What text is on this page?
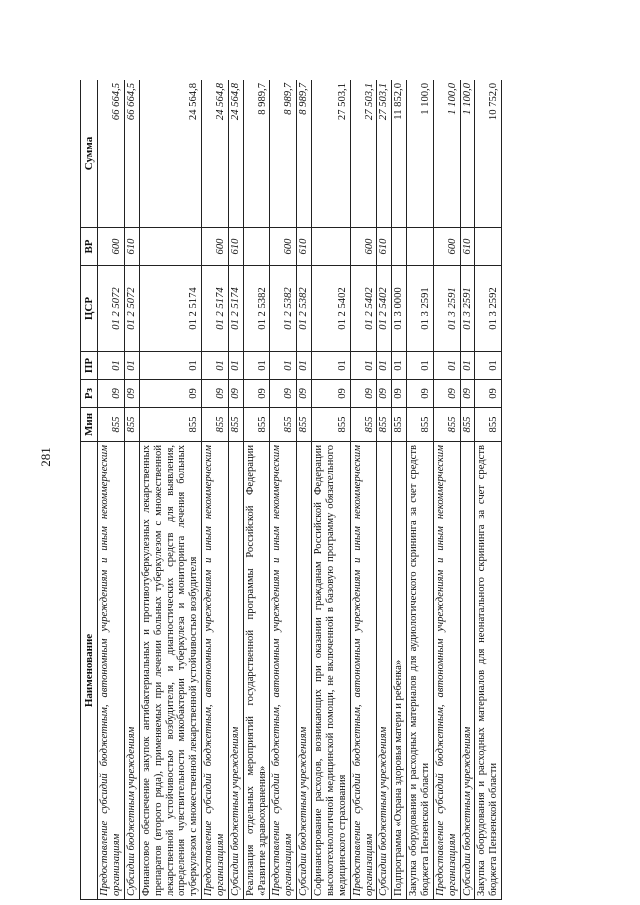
281
Наименование	Мин	Рз	ПР	ЦСР	ВР	Сумма
Предоставление субсидий бюджетным, автономным учреждениям и иным некоммерческим организациям	855	09	01	01 2 5072	600	66 664,5
Субсидии бюджетным учреждениям	855	09	01	01 2 5072	610	66 664,5
Финансовое обеспечение закупок антибактериальных и противотуберкулезных лекарственных препаратов (второго ряда), применяемых при лечении больных туберкулезом с множественной лекарственной устойчивостью возбудителя, и диагностических средств для выявления, определения чувствительности микобактерии туберкулеза и мониторинга лечения больных туберкулезом с множественной лекарственной устойчивостью возбудителя	855	09	01	01 2 5174		24 564,8
Предоставление субсидий бюджетным, автономным учреждениям и иным некоммерческим организациям	855	09	01	01 2 5174	600	24 564,8
Субсидии бюджетным учреждениям	855	09	01	01 2 5174	610	24 564,8
Реализация отдельных мероприятий государственной программы Российской Федерации «Развитие здравоохранения»	855	09	01	01 2 5382		8 989,7
Предоставление субсидий бюджетным, автономным учреждениям и иным некоммерческим организациям	855	09	01	01 2 5382	600	8 989,7
Субсидии бюджетным учреждениям	855	09	01	01 2 5382	610	8 989,7
Софинансирование расходов, возникающих при оказании гражданам Российской Федерации высокотехнологичной медицинской помощи, не включенной в базовую программу обязательного медицинского страхования	855	09	01	01 2 5402		27 503,1
Предоставление субсидий бюджетным, автономным учреждениям и иным некоммерческим организациям	855	09	01	01 2 5402	600	27 503,1
Субсидии бюджетным учреждениям	855	09	01	01 2 5402	610	27 503,1
Подпрограмма «Охрана здоровья матери и ребенка»	855	09	01	01 3 0000		11 852,0
Закупка оборудования и расходных материалов для аудиологического скрининга за счет средств бюджета Пензенской области	855	09	01	01 3 2591		1 100,0
Предоставление субсидий бюджетным, автономным учреждениям и иным некоммерческим организациям	855	09	01	01 3 2591	600	1 100,0
Субсидии бюджетным учреждениям	855	09	01	01 3 2591	610	1 100,0
Закупка оборудования и расходных материалов для неонатального скрининга за счет средств бюджета Пензенской области	855	09	01	01 3 2592		10 752,0
